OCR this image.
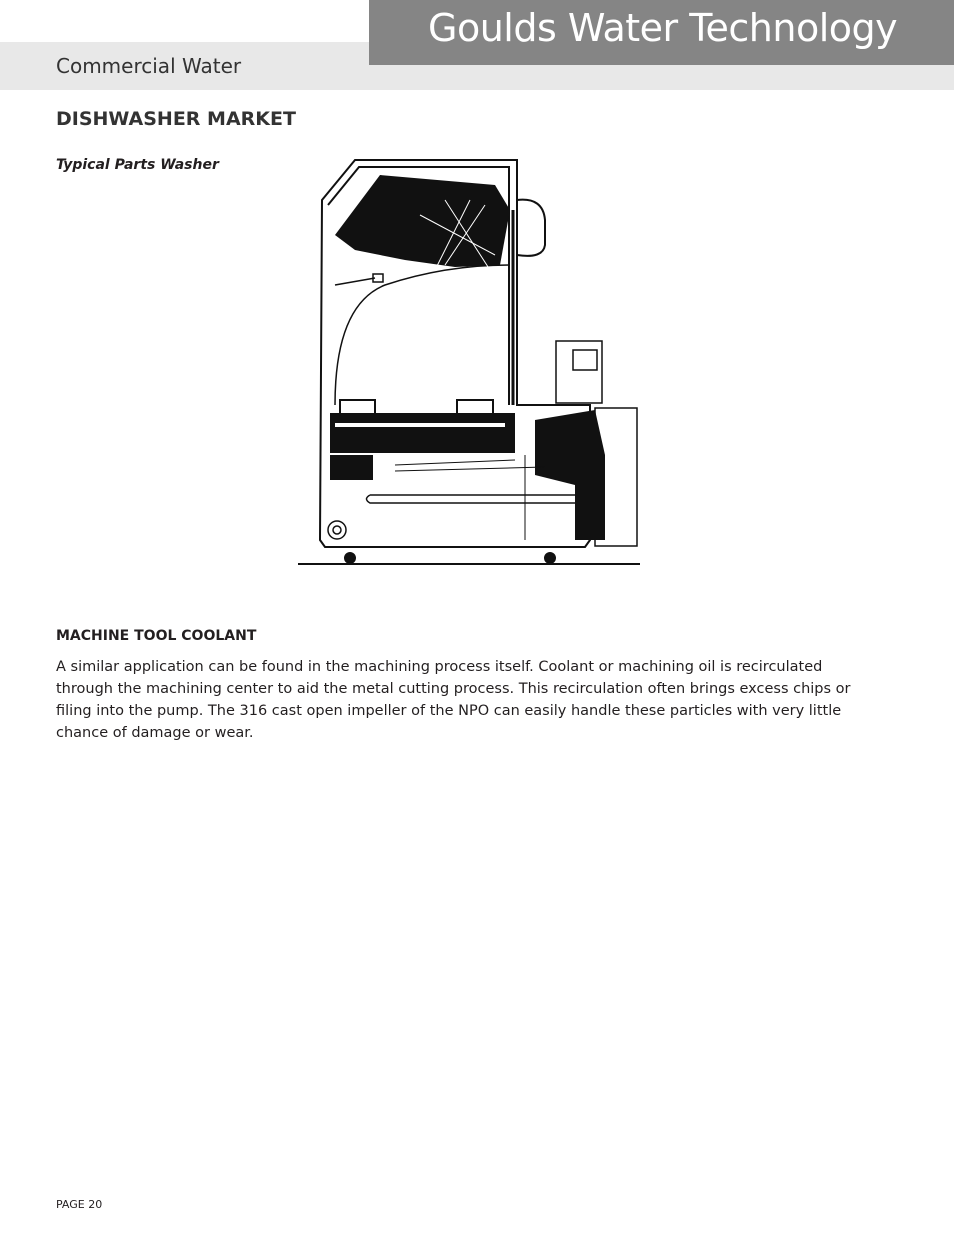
Commercial Water
Goulds Water Technology
DISHWASHER MARKET
Typical Parts Washer
MACHINE TOOL COOLANT

A similar application can be found in the machining process itself. Coolant or machining oil is recirculated through the machining center to aid the metal cutting process. This recirculation often brings excess chips or filing into the pump. The 316 cast open impeller of the NPO can easily handle these particles with very little chance of damage or wear.

PAGE 20
